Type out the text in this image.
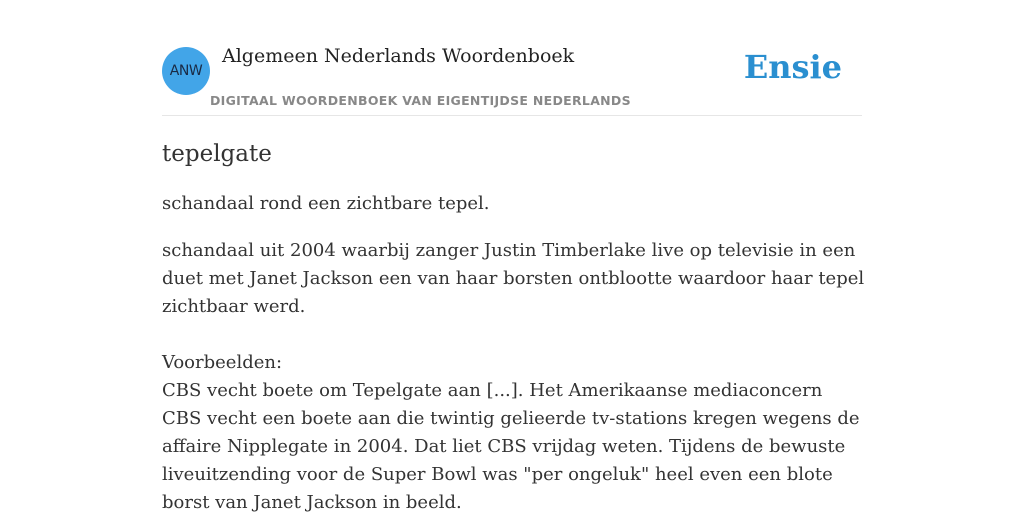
ANW
Algemeen Nederlands Woordenboek
DIGITAAL WOORDENBOEK VAN EIGENTIJDSE NEDERLANDS
Ensie
tepelgate

schandaal rond een zichtbare tepel.

schandaal uit 2004 waarbij zanger Justin Timberlake live op televisie in een duet met Janet Jackson een van haar borsten ontblootte waardoor haar tepel zichtbaar werd.

Voorbeelden:

CBS vecht boete om Tepelgate aan [...]. Het Amerikaanse mediaconcern CBS vecht een boete aan die twintig gelieerde tv-stations kregen wegens de affaire Nipplegate in 2004. Dat liet CBS vrijdag weten. Tijdens de bewuste liveuitzending voor de Super Bowl was "per ongeluk" heel even een blote borst van Janet Jackson in beeld.
